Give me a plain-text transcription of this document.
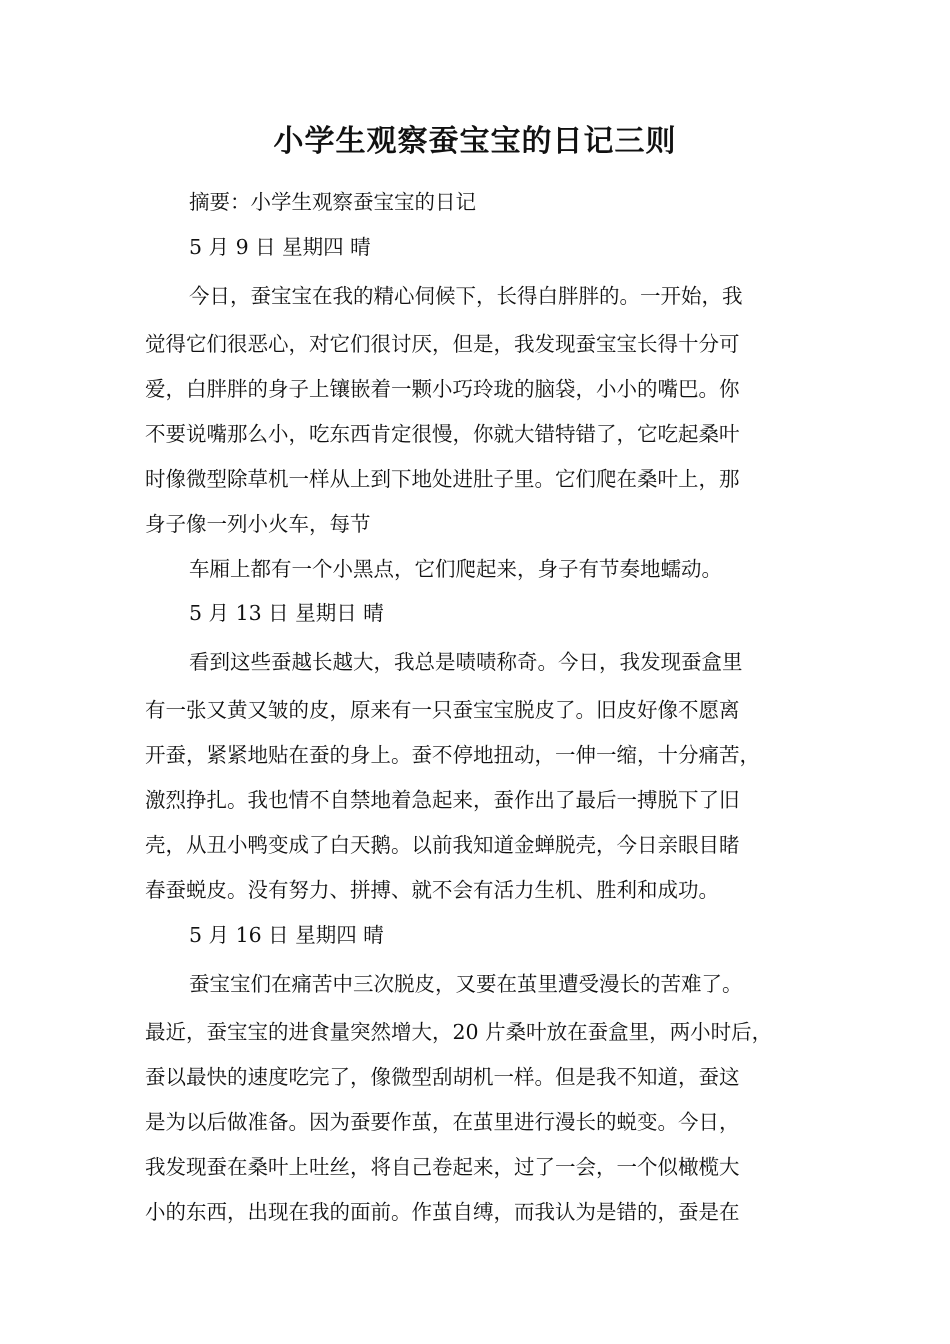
小学生观察蚕宝宝的日记三则

摘要：小学生观察蚕宝宝的日记

5 月 9 日 星期四 晴

今日，蚕宝宝在我的精心伺候下，长得白胖胖的。一开始，我

觉得它们很恶心，对它们很讨厌，但是，我发现蚕宝宝长得十分可

爱，白胖胖的身子上镶嵌着一颗小巧玲珑的脑袋，小小的嘴巴。你

不要说嘴那么小，吃东西肯定很慢，你就大错特错了，它吃起桑叶

时像微型除草机一样从上到下地处进肚子里。它们爬在桑叶上，那

身子像一列小火车，每节

车厢上都有一个小黑点，它们爬起来，身子有节奏地蠕动。

5 月 13 日 星期日 晴

看到这些蚕越长越大，我总是啧啧称奇。今日，我发现蚕盒里

有一张又黄又皱的皮，原来有一只蚕宝宝脱皮了。旧皮好像不愿离

开蚕，紧紧地贴在蚕的身上。蚕不停地扭动，一伸一缩，十分痛苦，

激烈挣扎。我也情不自禁地着急起来，蚕作出了最后一搏脱下了旧

壳，从丑小鸭变成了白天鹅。以前我知道金蝉脱壳，今日亲眼目睹

春蚕蜕皮。没有努力、拼搏、就不会有活力生机、胜利和成功。

5 月 16 日 星期四 晴

蚕宝宝们在痛苦中三次脱皮，又要在茧里遭受漫长的苦难了。

最近，蚕宝宝的进食量突然增大，20 片桑叶放在蚕盒里，两小时后，

蚕以最快的速度吃完了，像微型刮胡机一样。但是我不知道，蚕这

是为以后做准备。因为蚕要作茧，在茧里进行漫长的蜕变。今日，

我发现蚕在桑叶上吐丝，将自己卷起来，过了一会，一个似橄榄大

小的东西，出现在我的面前。作茧自缚，而我认为是错的，蚕是在
